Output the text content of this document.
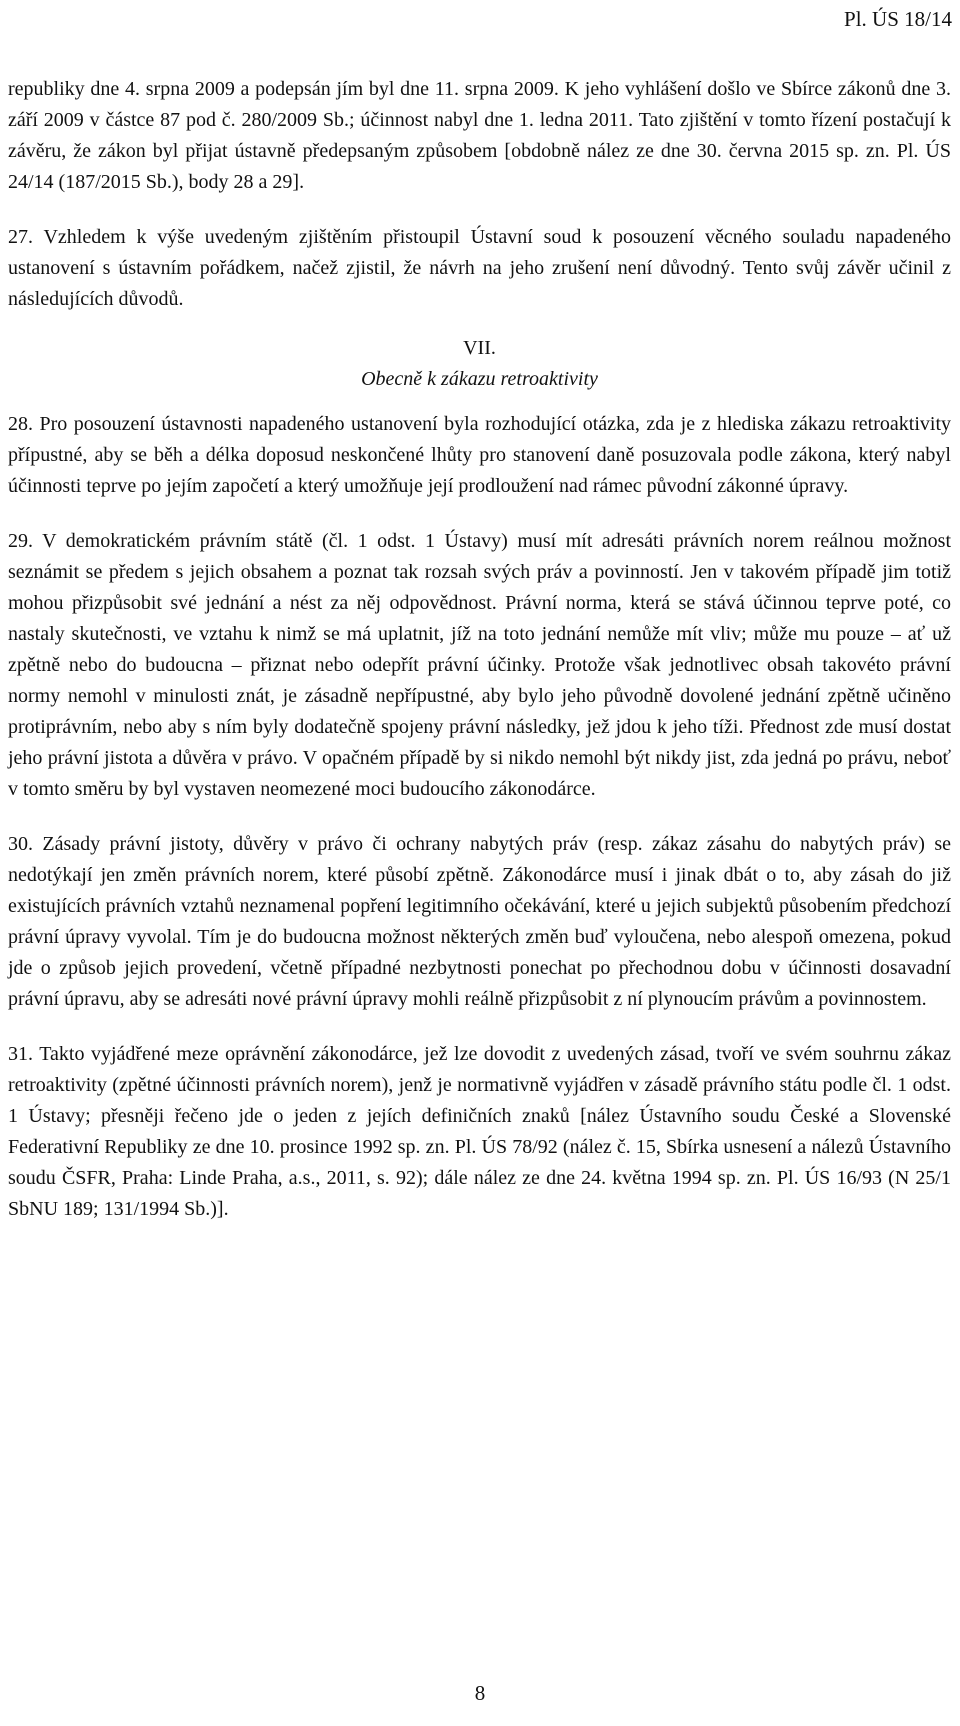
Pl. ÚS 18/14

republiky dne 4. srpna 2009 a podepsán jím byl dne 11. srpna 2009. K jeho vyhlášení došlo ve Sbírce zákonů dne 3. září 2009 v částce 87 pod č. 280/2009 Sb.; účinnost nabyl dne 1. ledna 2011. Tato zjištění v tomto řízení postačují k závěru, že zákon byl přijat ústavně předepsaným způsobem [obdobně nález ze dne 30. června 2015 sp. zn. Pl. ÚS 24/14 (187/2015 Sb.), body 28 a 29].

27. Vzhledem k výše uvedeným zjištěním přistoupil Ústavní soud k posouzení věcného souladu napadeného ustanovení s ústavním pořádkem, načež zjistil, že návrh na jeho zrušení není důvodný. Tento svůj závěr učinil z následujících důvodů.

VII.
Obecně k zákazu retroaktivity

28. Pro posouzení ústavnosti napadeného ustanovení byla rozhodující otázka, zda je z hlediska zákazu retroaktivity přípustné, aby se běh a délka doposud neskončené lhůty pro stanovení daně posuzovala podle zákona, který nabyl účinnosti teprve po jejím započetí a který umožňuje její prodloužení nad rámec původní zákonné úpravy.

29. V demokratickém právním státě (čl. 1 odst. 1 Ústavy) musí mít adresáti právních norem reálnou možnost seznámit se předem s jejich obsahem a poznat tak rozsah svých práv a povinností. Jen v takovém případě jim totiž mohou přizpůsobit své jednání a nést za něj odpovědnost. Právní norma, která se stává účinnou teprve poté, co nastaly skutečnosti, ve vztahu k nimž se má uplatnit, jíž na toto jednání nemůže mít vliv; může mu pouze – ať už zpětně nebo do budoucna – přiznat nebo odepřít právní účinky. Protože však jednotlivec obsah takovéto právní normy nemohl v minulosti znát, je zásadně nepřípustné, aby bylo jeho původně dovolené jednání zpětně učiněno protiprávním, nebo aby s ním byly dodatečně spojeny právní následky, jež jdou k jeho tíži. Přednost zde musí dostat jeho právní jistota a důvěra v právo. V opačném případě by si nikdo nemohl být nikdy jist, zda jedná po právu, neboť v tomto směru by byl vystaven neomezené moci budoucího zákonodárce.

30. Zásady právní jistoty, důvěry v právo či ochrany nabytých práv (resp. zákaz zásahu do nabytých práv) se nedotýkají jen změn právních norem, které působí zpětně. Zákonodárce musí i jinak dbát o to, aby zásah do již existujících právních vztahů neznamenal popření legitimního očekávání, které u jejich subjektů působením předchozí právní úpravy vyvolal. Tím je do budoucna možnost některých změn buď vyloučena, nebo alespoň omezena, pokud jde o způsob jejich provedení, včetně případné nezbytnosti ponechat po přechodnou dobu v účinnosti dosavadní právní úpravu, aby se adresáti nové právní úpravy mohli reálně přizpůsobit z ní plynoucím právům a povinnostem.

31. Takto vyjádřené meze oprávnění zákonodárce, jež lze dovodit z uvedených zásad, tvoří ve svém souhrnu zákaz retroaktivity (zpětné účinnosti právních norem), jenž je normativně vyjádřen v zásadě právního státu podle čl. 1 odst. 1 Ústavy; přesněji řečeno jde o jeden z jejích definičních znaků [nález Ústavního soudu České a Slovenské Federativní Republiky ze dne 10. prosince 1992 sp. zn. Pl. ÚS 78/92 (nález č. 15, Sbírka usnesení a nálezů Ústavního soudu ČSFR, Praha: Linde Praha, a.s., 2011, s. 92); dále nález ze dne 24. května 1994 sp. zn. Pl. ÚS 16/93 (N 25/1 SbNU 189; 131/1994 Sb.)].

8
